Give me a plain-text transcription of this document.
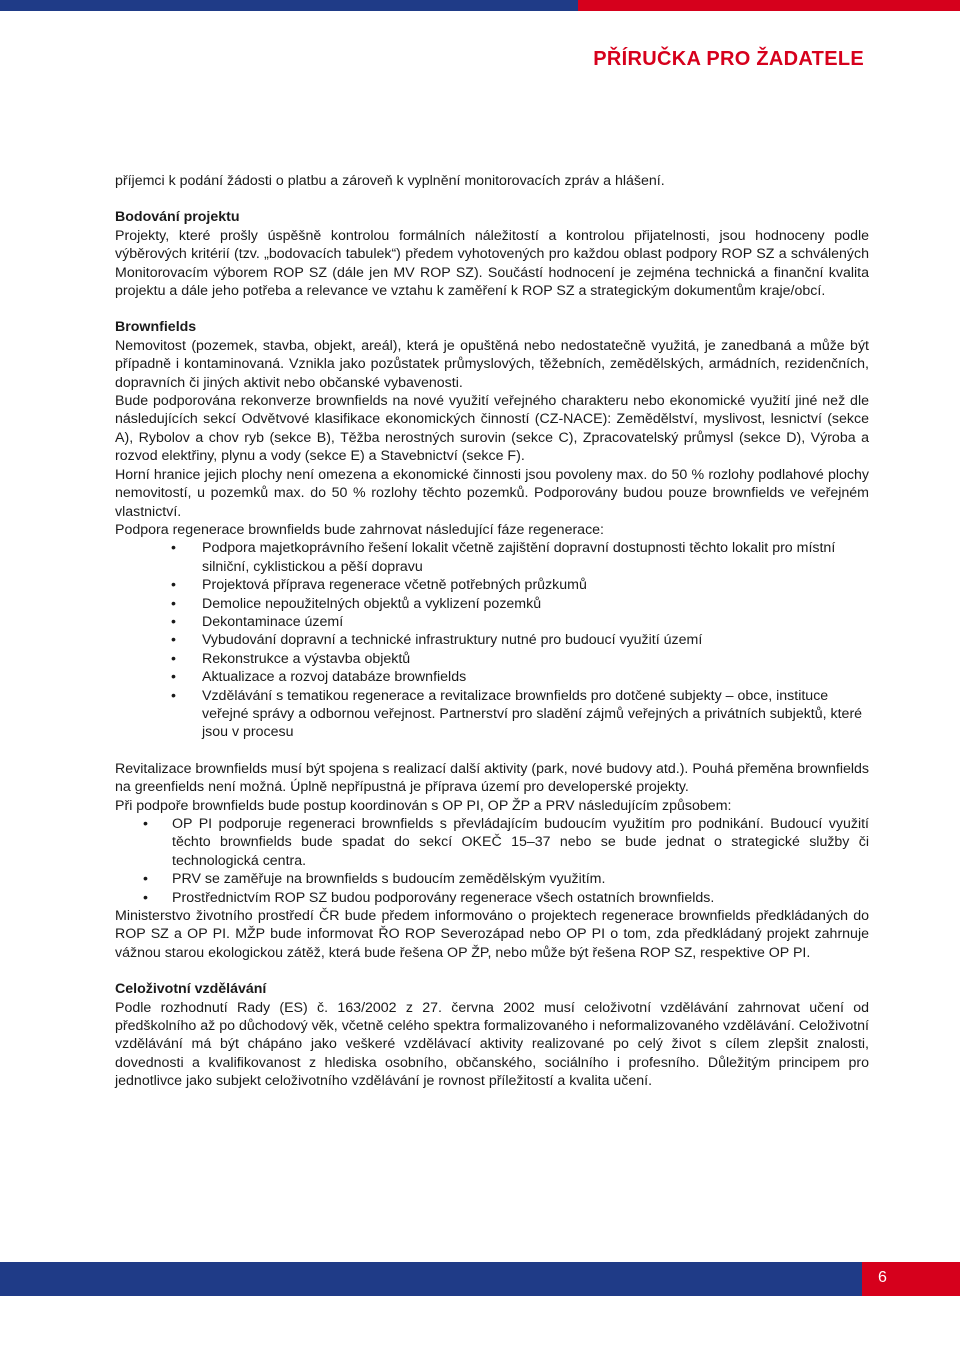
PŘÍRUČKA PRO ŽADATELE

příjemci k podání žádosti o platbu a zároveň k vyplnění monitorovacích zpráv a hlášení.

Bodování projektu

Projekty, které prošly úspěšně kontrolou formálních náležitostí a kontrolou přijatelnosti, jsou hodnoceny podle výběrových kritérií (tzv. „bodovacích tabulek“) předem vyhotovených pro každou oblast podpory ROP SZ a schválených Monitorovacím výborem ROP SZ (dále jen MV ROP SZ). Součástí hodnocení je zejména technická a finanční kvalita projektu a dále jeho potřeba a relevance ve vztahu k zaměření k ROP SZ a strategickým dokumentům kraje/obcí.

Brownfields

Nemovitost (pozemek, stavba, objekt, areál), která je opuštěná nebo nedostatečně využitá, je zanedbaná a může být případně i kontaminovaná. Vznikla jako pozůstatek průmyslových, těžebních, zemědělských, armádních, rezidenčních, dopravních či jiných aktivit nebo občanské vybavenosti.

Bude podporována rekonverze brownfields na nové využití veřejného charakteru nebo ekonomické využití jiné než dle následujících sekcí Odvětvové klasifikace ekonomických činností (CZ-NACE): Zemědělství, myslivost, lesnictví (sekce A), Rybolov a chov ryb (sekce B), Těžba nerostných surovin (sekce C), Zpracovatelský průmysl (sekce D), Výroba a rozvod elektřiny, plynu a vody (sekce E) a Stavebnictví (sekce F).

Horní hranice jejich plochy není omezena a ekonomické činnosti jsou povoleny max. do 50 % rozlohy podlahové plochy nemovitostí, u pozemků max. do 50 % rozlohy těchto pozemků. Podporovány budou pouze brownfields ve veřejném vlastnictví.

Podpora regenerace brownfields bude zahrnovat následující fáze regenerace:

• Podpora majetkoprávního řešení lokalit včetně zajištění dopravní dostupnosti těchto lokalit pro místní silniční, cyklistickou a pěší dopravu
• Projektová příprava regenerace včetně potřebných průzkumů
• Demolice nepoužitelných objektů a vyklizení pozemků
• Dekontaminace území
• Vybudování dopravní a technické infrastruktury nutné pro budoucí využití území
• Rekonstrukce a výstavba objektů
• Aktualizace a rozvoj databáze brownfields
• Vzdělávání s tematikou regenerace a revitalizace brownfields pro dotčené subjekty – obce, instituce veřejné správy a odbornou veřejnost. Partnerství pro sladění zájmů veřejných a privátních subjektů, které jsou v procesu

Revitalizace brownfields musí být spojena s realizací další aktivity (park, nové budovy atd.). Pouhá přeměna brownfields na greenfields není možná. Úplně nepřípustná je příprava území pro developerské projekty.

Při podpoře brownfields bude postup koordinován s OP PI, OP ŽP a PRV následujícím způsobem:

• OP PI podporuje regeneraci brownfields s převládajícím budoucím využitím pro podnikání. Budoucí využití těchto brownfields bude spadat do sekcí OKEČ 15–37 nebo se bude jednat o strategické služby či technologická centra.
• PRV se zaměřuje na brownfields s budoucím zemědělským využitím.
• Prostřednictvím ROP SZ budou podporovány regenerace všech ostatních brownfields.

Ministerstvo životního prostředí ČR bude předem informováno o projektech regenerace brownfields předkládaných do ROP SZ a OP PI. MŽP bude informovat ŘO ROP Severozápad nebo OP PI o tom, zda předkládaný projekt zahrnuje vážnou starou ekologickou zátěž, která bude řešena OP ŽP, nebo může být řešena ROP SZ, respektive OP PI.

Celoživotní vzdělávání

Podle rozhodnutí Rady (ES) č. 163/2002 z 27. června 2002 musí celoživotní vzdělávání zahrnovat učení od předškolního až po důchodový věk, včetně celého spektra formalizovaného i neformalizovaného vzdělávání. Celoživotní vzdělávání má být chápáno jako veškeré vzdělávací aktivity realizované po celý život s cílem zlepšit znalosti, dovednosti a kvalifikovanost z hlediska osobního, občanského, sociálního i profesního. Důležitým principem pro jednotlivce jako subjekt celoživotního vzdělávání je rovnost příležitostí a kvalita učení.

6
